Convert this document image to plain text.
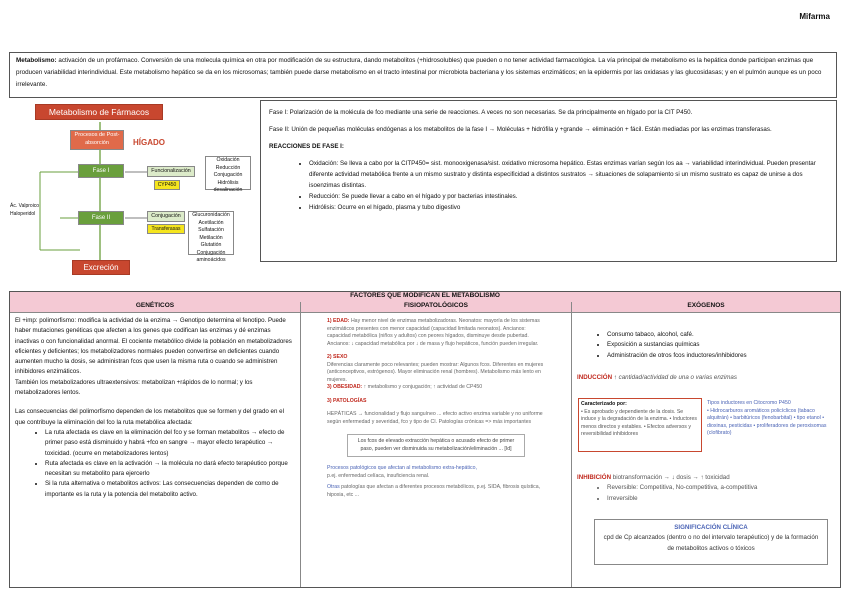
Mifarma
Metabolismo: activación de un profármaco. Conversión de una molecula química en otra por modificación de su estructura, dando metabolitos (+hidrosolubles) que pueden o no tener actividad farmacológica. La vía principal de metabolismo es la hepática donde participan enzimas que producen variabilidad interindividual. Este metabolismo hepático se da en los microsomas; también puede darse metabolismo en el tracto intestinal por microbiota bacteriana y los sistemas enzimáticos; en la epidermis por las oxidasas y las glucosidasas; y en el pulmón aunque es un poco irrelevante.
Metabolismo de Fármacos
Procesos de Post-absorción	HÍGADO
Fase I	Funcionalización
CYP450
Oxidación Reducción Conjugación Hidrólisis desalinación
Fase II	Conjugación
Transferasas
Glucuronidación Acetilación Sulfatación Metilación Glutatión Conjugación aminoácidos
Ác. Valproico Haloperidol
Excreción

Fase I: Polarización de la molécula de fco mediante una serie de reacciones. A veces no son necesarias. Se da principalmente en hígado por la CIT P450.

Fase II: Unión de pequeñas moléculas endógenas a los metabolitos de la fase I → Moléculas + hidrófila y +grande → eliminación + fácil. Están mediadas por las enzimas transferasas.

REACCIONES DE FASE I:
• Oxidación: Se lleva a cabo por la CITP450= sist. monooxigenasa/sist. oxidativo microsoma hepático. Estas enzimas varían según los aa → variabilidad interindividual. Pueden presentar diferente actividad metabólica frente a un mismo sustrato y distinta especificidad a distintos sustratos → situaciones de solapamiento si un mismo sustrato es capaz de unirse a dos isoenzimas distintas.
• Reducción: Se puede llevar a cabo en el hígado y por bacterias intestinales.
• Hidrólisis: Ocurre en el hígado, plasma y tubo digestivo
FACTORES QUE MODIFICAN EL METABOLISMO
GENÉTICOS	FISIOPATOLÓGICOS	EXÓGENOS

El +imp: polimorfismo: modifica la actividad de la enzima → Genotipo determina el fenotipo. Puede haber mutaciones genéticas que afecten a los genes que codifican las enzimas y dé enzimas inactivas o con funcionalidad anormal. El cociente metabólico divide la población en metabolizadores eficientes y deficientes; los metabolizadores normales pueden convertirse en deficientes cuando aumenten mucho la dosis, se administran fcos que usen la misma ruta o cuando se administren inhibidores enzimáticos.

También los metabolizadores ultraextensivos: metabolizan +rápidos de lo normal; y los metabolizadores lentos.

Las consecuencias del polimorfismo dependen de los metabolitos que se formen y del grado en el que contribuye la eliminación del fco la ruta metabólica afectada:

• La ruta afectada es clave en la eliminación del fco y se forman metabolitos → efecto de primer paso está disminuido y habrá +fco en sangre → mayor efecto terapéutico → toxicidad. (ocurre en metabolizadores lentos)
• Ruta afectada es clave en la activación → la molécula no dará efecto terapéutico porque necesitan su metabolito para ejercerlo
• Si la ruta alternativa o metabolitos activos: Las consecuencias dependen de como de importante es la ruta y la potencia del metabolito activo.

1) EDAD: Hay menor nivel de enzimas metabolizadoras. Neonatos: mayoría de los sistemas enzimáticos presentes con menor capacidad (capacidad limitada neonatos). Ancianos: capacidad metabólica (niños y adultos) con peores hígados, disminuye desde pubertad.

Ancianos: ↓ capacidad metabólica por ↓ de masa y flujo hepáticos, función pueden irregular.

2) SEXO

Diferencias claramente poco relevantes; pueden mostrar: Algunos fcos. Diferentes en mujeres (anticonceptivos, estrógenos). Mayor eliminación renal (hombres). Metabolismo más lento en mujeres.

3) OBESIDAD: ↑ metabolismo y conjugación; ↑ actividad de CP450

3) PATOLOGÍAS

HEPÁTICAS → funcionalidad y flujo sanguíneo ... efecto activo enzima variable y no uniforme según enfermedad y severidad, fco y tipo de CI. Patologías crónicas => más importantes

Los fcos de elevado extracción hepática o acusado efecto de primer paso, pueden ver disminuida su metabolización/eliminación ... [Id]

Procesos patológicos que afectan al metabolismo extra-hepático,

p.ej. enfermedad celíaca, insuficiencia renal.

Otras patologías que afectan a diferentes procesos metabólicos, p.ej. SIDA, fibrosis quística, hipoxia, etc ...

• Consumo tabaco, alcohol, café.
• Exposición a sustancias químicas
• Administración de otros fcos inductores/inhibidores

INDUCCIÓN ↑ cantidad/actividad de una o varias enzimas

Caracterizado por:
• Es aprobado y dependiente de la dosis. Se induce y la degradación de la enzima. • Inductores menos directos y estables. • Efectos adversos y reversibilidad inhibidores
Tipos inductores en Citocromo P450
• Hidrocarburos aromáticos policíclicos (tabaco alquitrán) • barbitúricos (fenobarbital) • tipo etanol • dioxinas, pesticidas • proliferadores de peroxisomas (clofibrato)
INHIBICIÓN biotransformación → ↓ dosis → ↑ toxicidad
• Reversible: Competitiva, No-competitiva, a-competitiva
• Irreversible
SIGNIFICACIÓN CLÍNICA
cpd de Cp alcanzados (dentro o no del intervalo terapéutico) y de la formación de metabolitos activos o tóxicos
